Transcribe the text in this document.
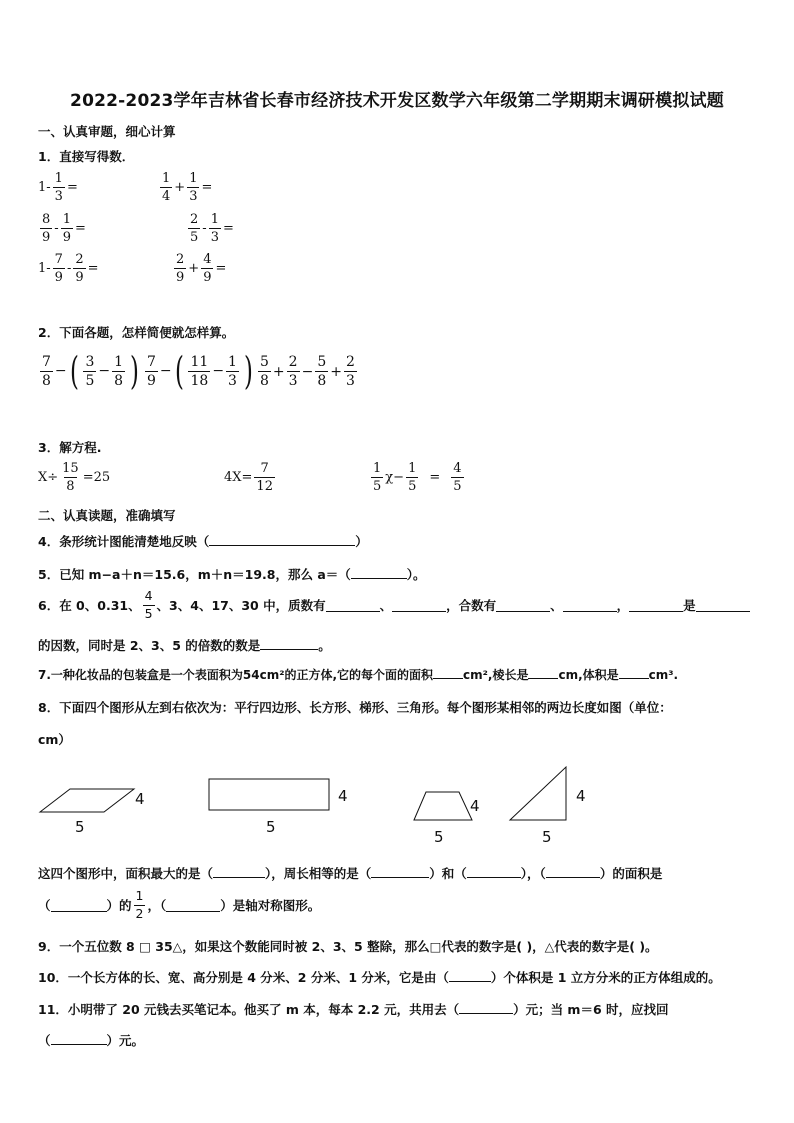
2022-2023学年吉林省长春市经济技术开发区数学六年级第二学期期末调研模拟试题
一、认真审题，细心计算
1．直接写得数．
$1- \frac{1}{3}$ =	$\frac{1}{4} + \frac{1}{3}$ =
$\frac{8}{9} - \frac{1}{9}$ =	$\frac{2}{5} - \frac{1}{3}$ =
$1- \frac{7}{9} - \frac{2}{9}$ =	$\frac{2}{9} + \frac{4}{9}$ =
2．下面各题，怎样简便就怎样算。
$\frac{7}{8}$ − ( $\frac{3}{5} - \frac{1}{8}$ ) $\frac{7}{9}$ − ( $\frac{11}{18} - \frac{1}{3}$ ) $\frac{5}{8} + \frac{2}{3} - \frac{5}{8} + \frac{2}{3}$
3．解方程.
$X\div \frac{15}{8} =25$	$4X= \frac{7}{12}$	$\frac{1}{5} \chi- \frac{1}{5} = \frac{4}{5}$
二、认真读题，准确填写
4．条形统计图能清楚地反映（	）
5．已知 m−a＋n＝15.6，m＋n＝19.8，那么 a＝（	）。
6．在 0、0.31、 $\frac{4}{5}$ 、3、4、17、30 中，质数有	、	，合数有	、	，	是
的因数，同时是 2、3、5 的倍数的数是	。
7.一种化妆品的包装盒是一个表面积为54cm²的正方体,它的每个面的面积	cm²,棱长是	cm,体积是	cm³.
8．下面四个图形从左到右依次为：平行四边形、长方形、梯形、三角形。每个图形某相邻的两边长度如图（单位：
cm）
4
5
4
5
4
5
4
5
这四个图形中，面积最大的是（	），周长相等的是（	）和（	），（	）的面积是
（	）的 $\frac{1}{2}$ ，（	）是轴对称图形。
9．一个五位数 8 □ 35△，如果这个数能同时被 2、3、5 整除，那么□代表的数字是( )，△代表的数字是( )。
10．一个长方体的长、宽、高分别是 4 分米、2 分米、1 分米，它是由（	）个体积是 1 立方分米的正方体组成的。
11．小明带了 20 元钱去买笔记本。他买了 m 本，每本 2.2 元，共用去（	）元；当 m＝6 时，应找回
（	）元。
